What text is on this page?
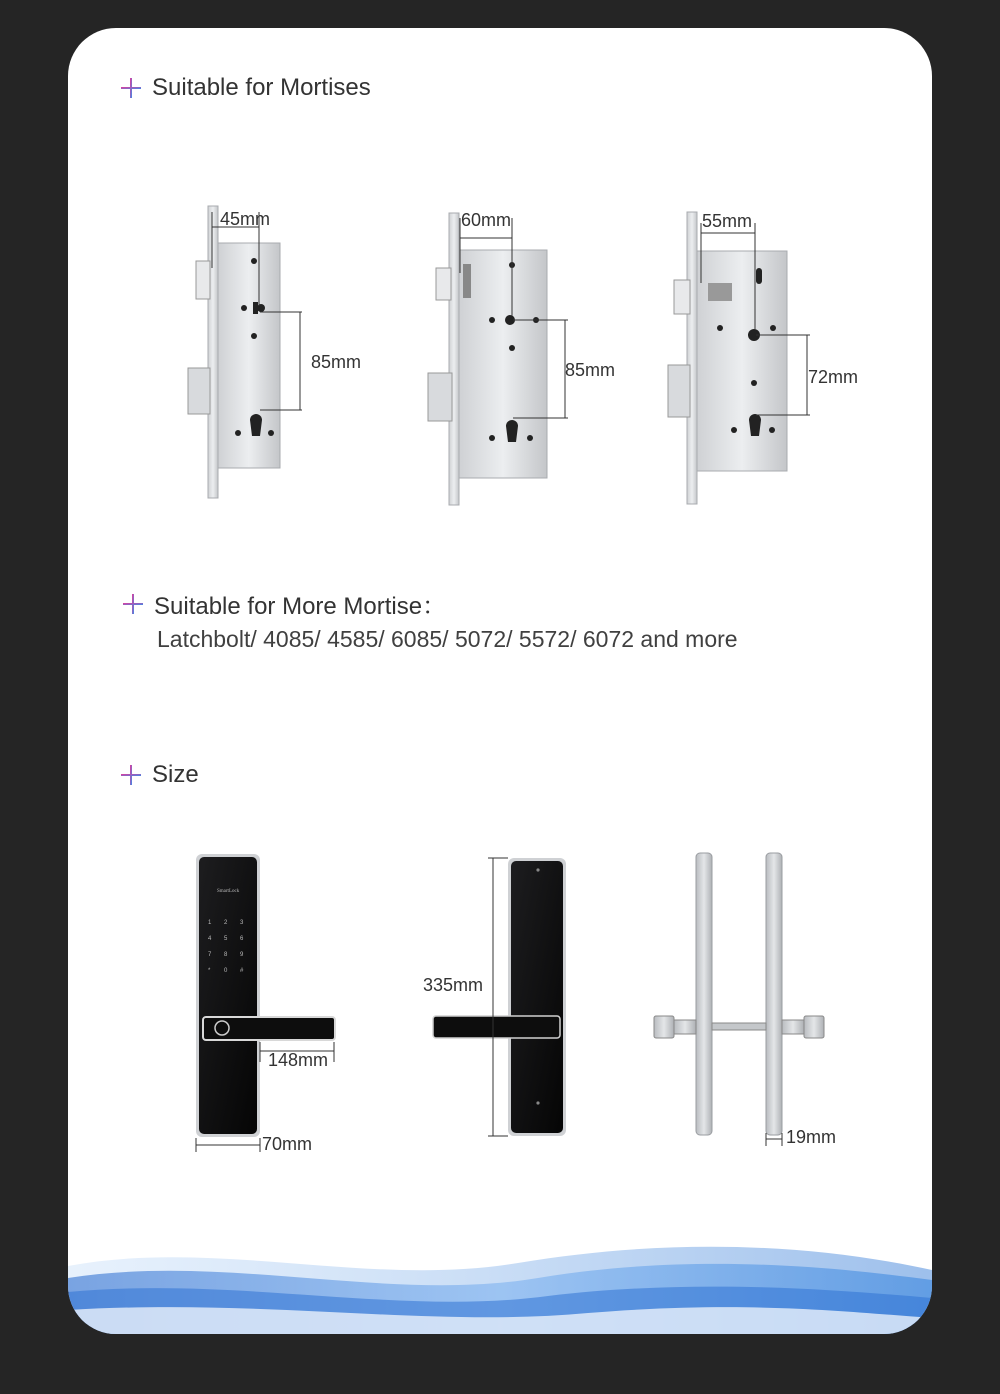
Suitable for Mortises
Suitable for More Mortise：
Latchbolt/ 4085/ 4585/ 6085/ 5072/ 5572/ 6072 and more
Size
SmartLock
1 2 3
4 5 6
7 8 9
* 0 #
45mm
85mm
60mm
85mm
55mm
72mm
148mm
70mm
335mm
19mm
